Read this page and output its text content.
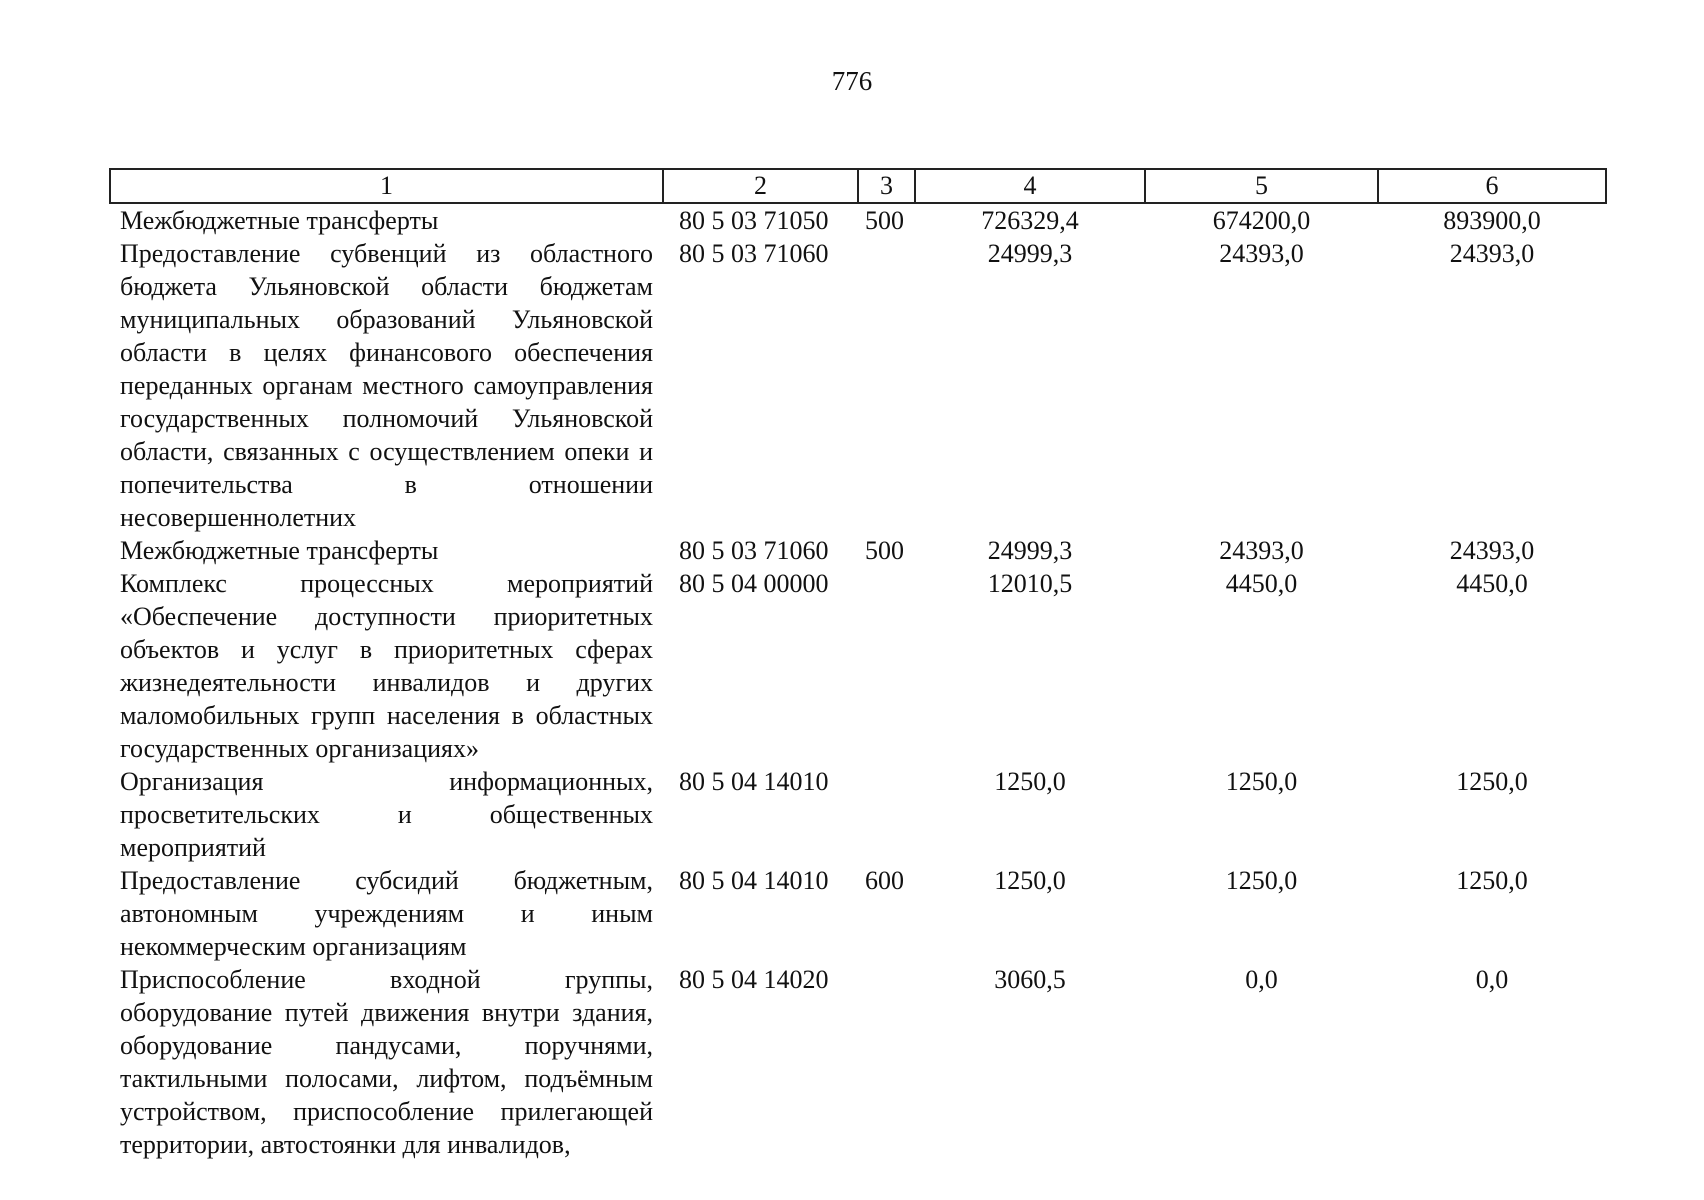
776
1	2	3	4	5	6
Межбюджетные трансферты	80 5 03 71050	500	726329,4	674200,0	893900,0
Предоставление субвенций из областного бюджета Ульяновской области бюджетам муниципальных образований Ульяновской области в целях финансового обеспечения переданных органам местного самоуправления государственных полномочий Ульяновской области, связанных с осуществлением опеки и попечительства в отношении несовершеннолетних	80 5 03 71060		24999,3	24393,0	24393,0
Межбюджетные трансферты	80 5 03 71060	500	24999,3	24393,0	24393,0
Комплекс процессных мероприятий «Обеспечение доступности приоритетных объектов и услуг в приоритетных сферах жизнедеятельности инвалидов и других маломобильных групп населения в областных государственных организациях»	80 5 04 00000		12010,5	4450,0	4450,0
Организация информационных, просветительских и общественных мероприятий	80 5 04 14010		1250,0	1250,0	1250,0
Предоставление субсидий бюджетным, автономным учреждениям и иным некоммерческим организациям	80 5 04 14010	600	1250,0	1250,0	1250,0
Приспособление входной группы, оборудование путей движения внутри здания, оборудование пандусами, поручнями, тактильными полосами, лифтом, подъёмным устройством, приспособление прилегающей территории, автостоянки для инвалидов,	80 5 04 14020		3060,5	0,0	0,0
